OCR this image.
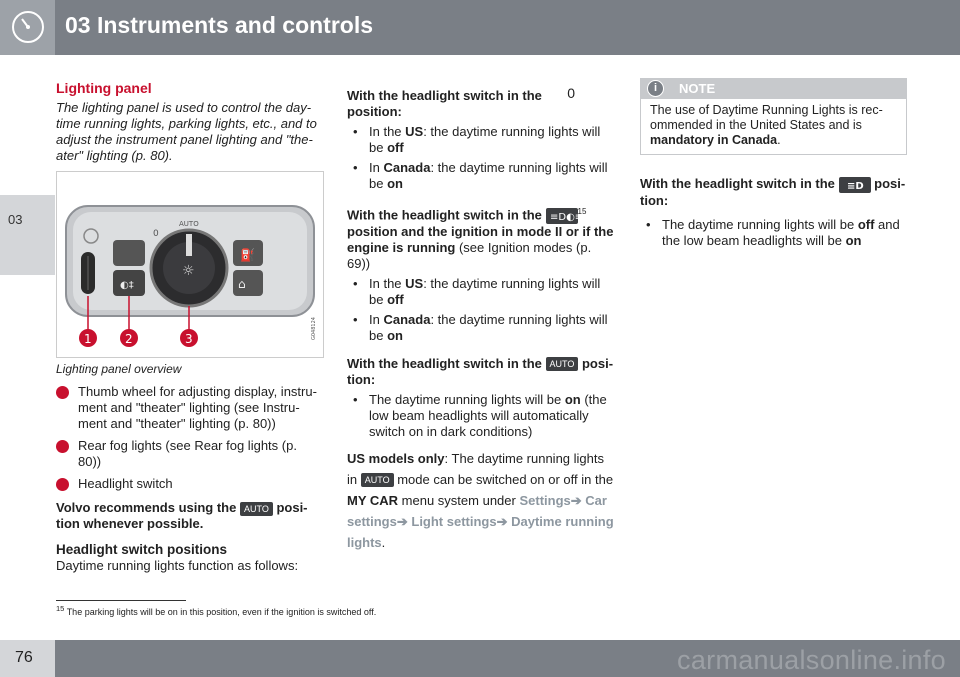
03 Instruments and controls
03
Lighting panel
The lighting panel is used to control the day-time running lights, parking lights, etc., and to adjust the instrument panel lighting and "the-ater" lighting (p. 80).
◐‡
☼
0
AUTO
⛽
⌂
1	2	3	G048124
Lighting panel overview
Thumb wheel for adjusting display, instru-ment and "theater" lighting (see Instru-ment and "theater" lighting (p. 80))
Rear fog lights (see Rear fog lights (p. 80))
Headlight switch
Volvo recommends using the AUTO posi-tion whenever possible.
Headlight switch positions
Daytime running lights function as follows:
With the headlight switch in the 0

position:
• In the US: the daytime running lights will be off
• In Canada: the daytime running lights will be on
With the headlight switch in the ≡D◐≡
$^{15}$ position and the ignition in mode II or if the engine is running (see Ignition modes (p. 69))
• In the US: the daytime running lights will be off
• In Canada: the daytime running lights will be on
With the headlight switch in the AUTO posi-tion:
• The daytime running lights will be on (the low beam headlights will automatically switch on in dark conditions)
US models only: The daytime running lights in AUTO mode can be switched on or off in the MY CAR menu system under Settings➔ Car settings➔ Light settings➔ Daytime running lights.
i	NOTE
The use of Daytime Running Lights is rec-ommended in the United States and is mandatory in Canada.
With the headlight switch in the ≡D posi-tion:
• The daytime running lights will be off and the low beam headlights will be on
$^{15}$ The parking lights will be on in this position, even if the ignition is switched off.
76	carmanualsonline.info
